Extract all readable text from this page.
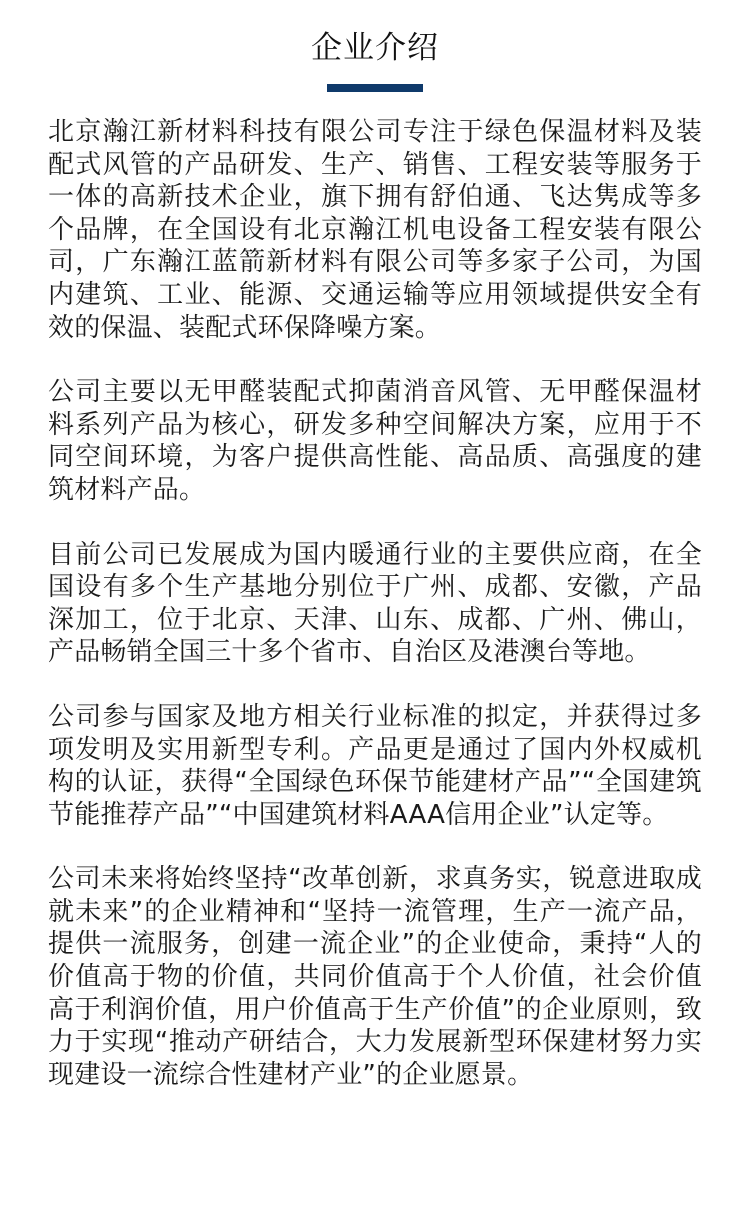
企业介绍

北京瀚江新材料科技有限公司专注于绿色保温材料及装配式风管的产品研发、生产、销售、工程安装等服务于一体的高新技术企业，旗下拥有舒伯通、飞达隽成等多个品牌，在全国设有北京瀚江机电设备工程安装有限公司，广东瀚江蓝箭新材料有限公司等多家子公司，为国内建筑、工业、能源、交通运输等应用领域提供安全有效的保温、装配式环保降噪方案。

公司主要以无甲醛装配式抑菌消音风管、无甲醛保温材料系列产品为核心，研发多种空间解决方案，应用于不同空间环境，为客户提供高性能、高品质、高强度的建筑材料产品。

目前公司已发展成为国内暖通行业的主要供应商，在全国设有多个生产基地分别位于广州、成都、安徽，产品深加工，位于北京、天津、山东、成都、广州、佛山，产品畅销全国三十多个省市、自治区及港澳台等地。

公司参与国家及地方相关行业标准的拟定，并获得过多项发明及实用新型专利。产品更是通过了国内外权威机构的认证，获得“全国绿色环保节能建材产品”“全国建筑节能推荐产品”“中国建筑材料AAA信用企业”认定等。

公司未来将始终坚持“改革创新，求真务实，锐意进取成就未来”的企业精神和“坚持一流管理，生产一流产品，提供一流服务，创建一流企业”的企业使命，秉持“人的价值高于物的价值，共同价值高于个人价值，社会价值高于利润价值，用户价值高于生产价值”的企业原则，致力于实现“推动产研结合，大力发展新型环保建材努力实现建设一流综合性建材产业”的企业愿景。
